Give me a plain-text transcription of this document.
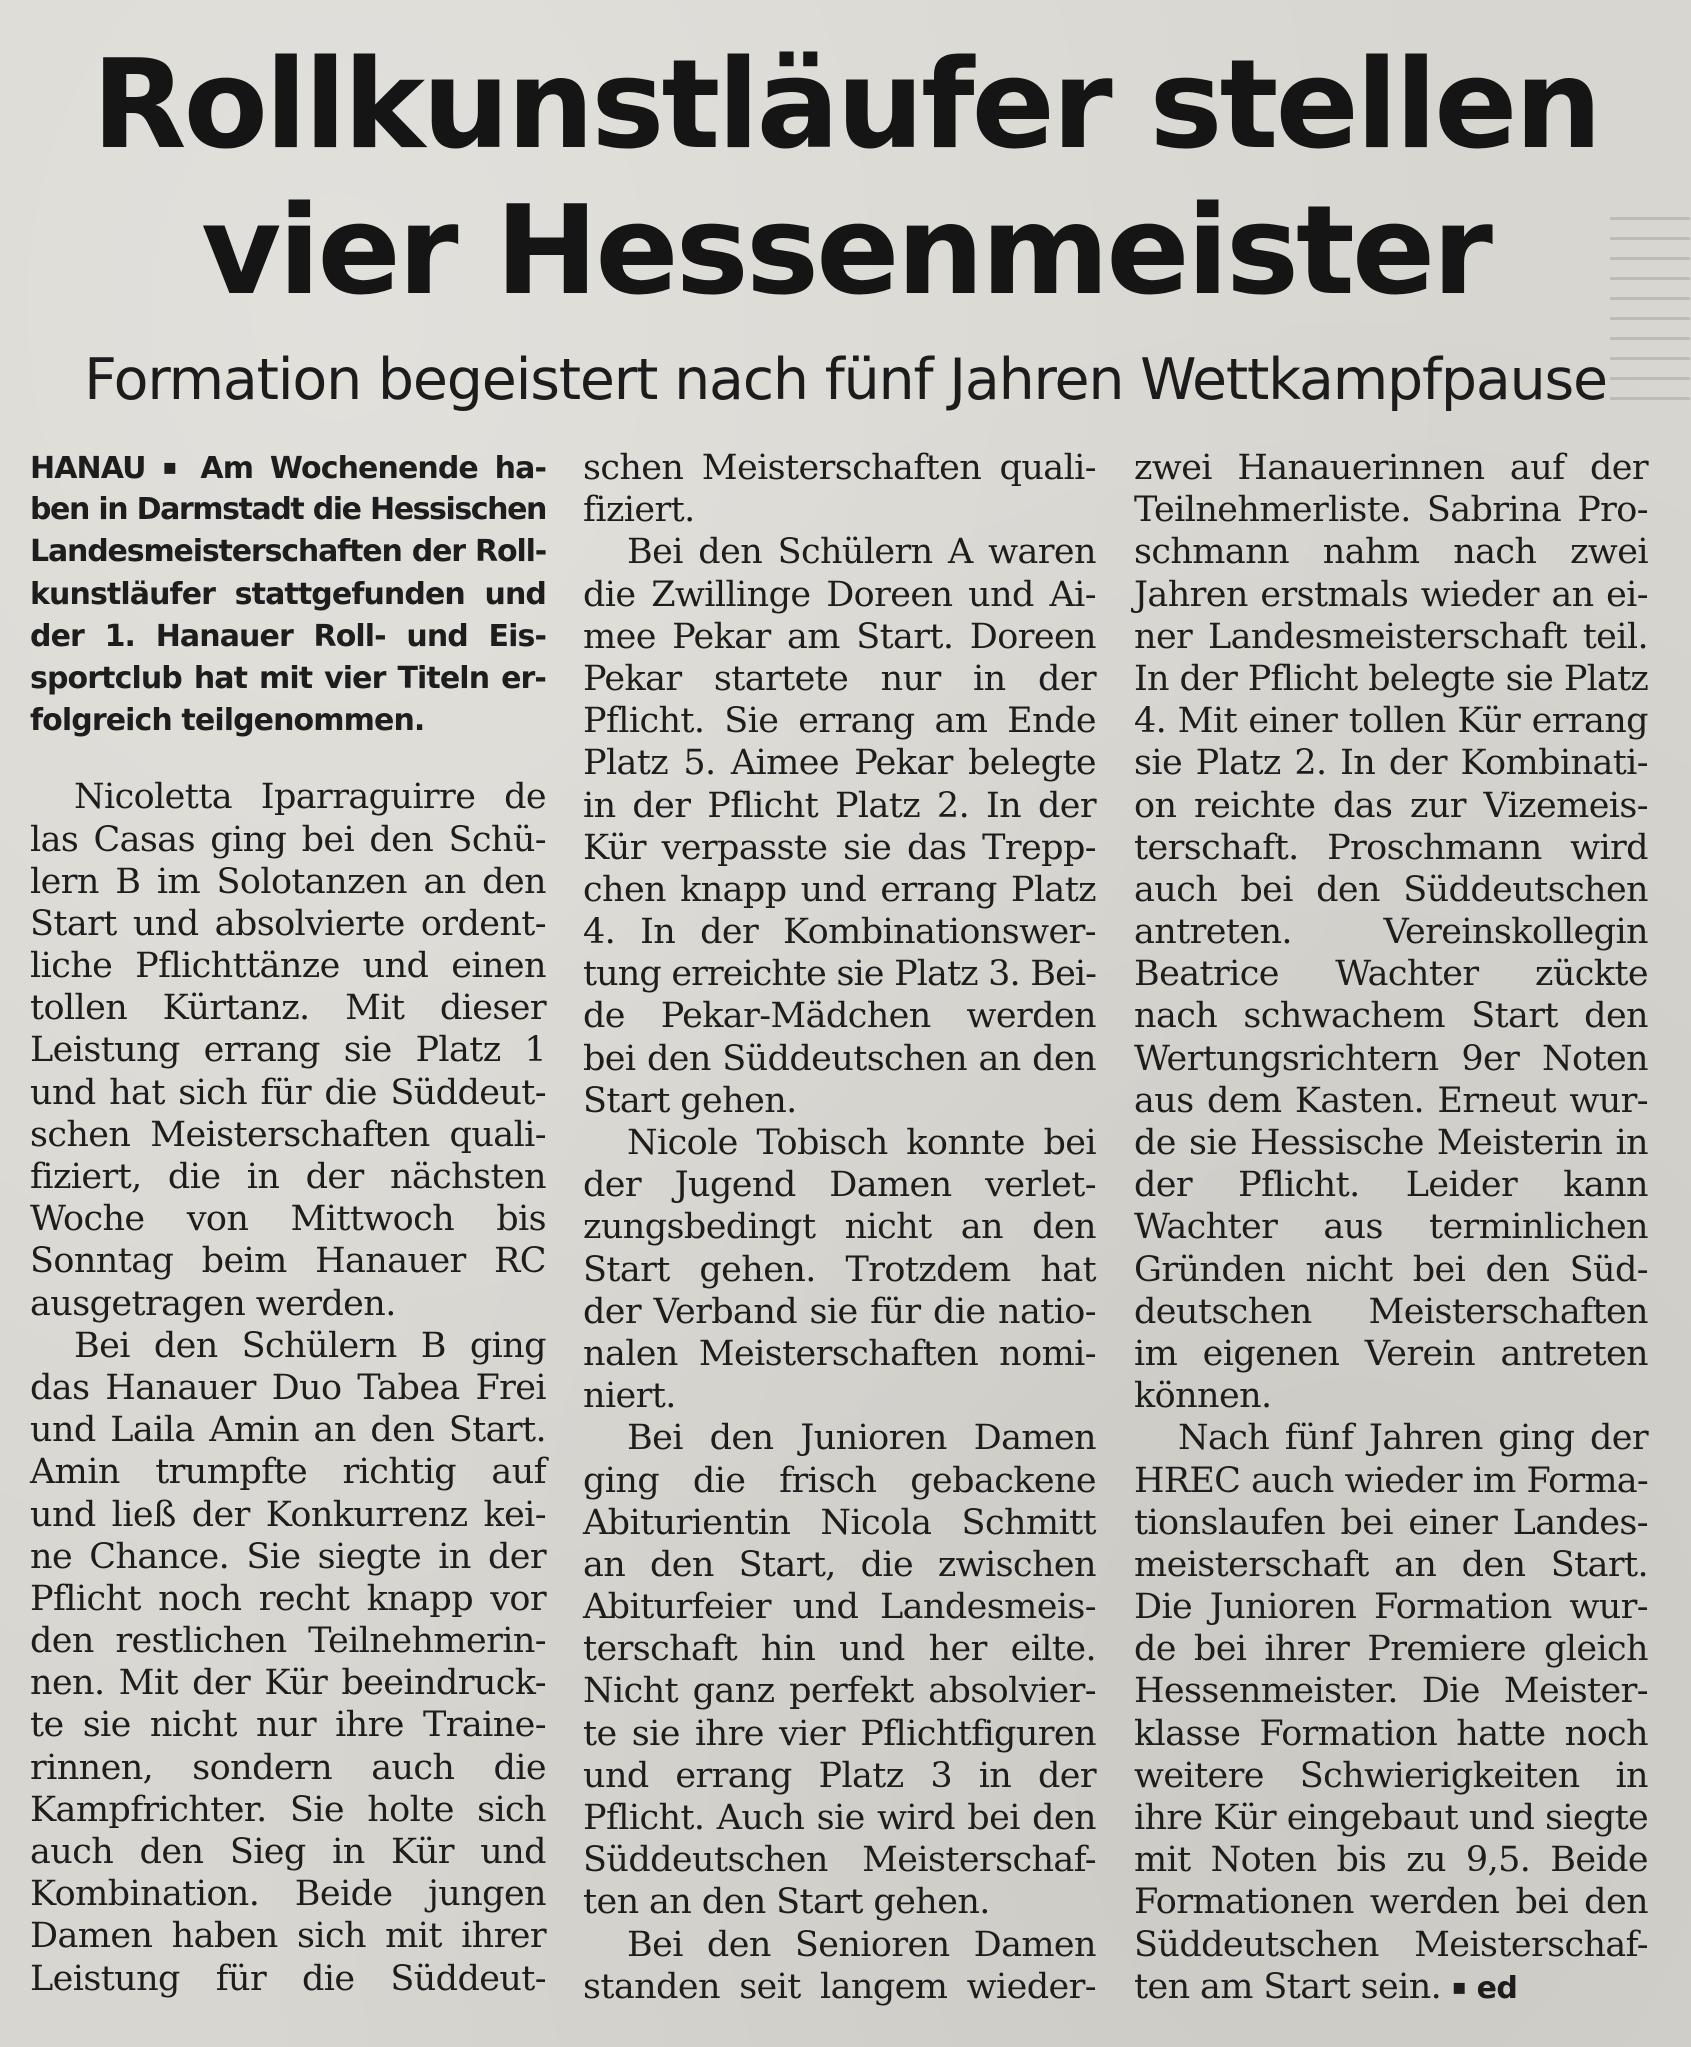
Rollkunstläufer stellen
vier Hessenmeister
Formation begeistert nach fünf Jahren Wettkampfpause
HANAU ▪ Am Wochenende ha-
ben in Darmstadt die Hessischen
Landesmeisterschaften der Roll-
kunstläufer stattgefunden und
der 1. Hanauer Roll- und Eis-
sportclub hat mit vier Titeln er-
folgreich teilgenommen.
Nicoletta Iparraguirre de
las Casas ging bei den Schü-
lern B im Solotanzen an den
Start und absolvierte ordent-
liche Pflichttänze und einen
tollen Kürtanz. Mit dieser
Leistung errang sie Platz 1
und hat sich für die Süddeut-
schen Meisterschaften quali-
fiziert, die in der nächsten
Woche von Mittwoch bis
Sonntag beim Hanauer RC
ausgetragen werden.
Bei den Schülern B ging
das Hanauer Duo Tabea Frei
und Laila Amin an den Start.
Amin trumpfte richtig auf
und ließ der Konkurrenz kei-
ne Chance. Sie siegte in der
Pflicht noch recht knapp vor
den restlichen Teilnehmerin-
nen. Mit der Kür beeindruck-
te sie nicht nur ihre Traine-
rinnen, sondern auch die
Kampfrichter. Sie holte sich
auch den Sieg in Kür und
Kombination. Beide jungen
Damen haben sich mit ihrer
Leistung für die Süddeut-
schen Meisterschaften quali-
fiziert.
Bei den Schülern A waren
die Zwillinge Doreen und Ai-
mee Pekar am Start. Doreen
Pekar startete nur in der
Pflicht. Sie errang am Ende
Platz 5. Aimee Pekar belegte
in der Pflicht Platz 2. In der
Kür verpasste sie das Trepp-
chen knapp und errang Platz
4. In der Kombinationswer-
tung erreichte sie Platz 3. Bei-
de Pekar-Mädchen werden
bei den Süddeutschen an den
Start gehen.
Nicole Tobisch konnte bei
der Jugend Damen verlet-
zungsbedingt nicht an den
Start gehen. Trotzdem hat
der Verband sie für die natio-
nalen Meisterschaften nomi-
niert.
Bei den Junioren Damen
ging die frisch gebackene
Abiturientin Nicola Schmitt
an den Start, die zwischen
Abiturfeier und Landesmeis-
terschaft hin und her eilte.
Nicht ganz perfekt absolvier-
te sie ihre vier Pflichtfiguren
und errang Platz 3 in der
Pflicht. Auch sie wird bei den
Süddeutschen Meisterschaf-
ten an den Start gehen.
Bei den Senioren Damen
standen seit langem wieder-
zwei Hanauerinnen auf der
Teilnehmerliste. Sabrina Pro-
schmann nahm nach zwei
Jahren erstmals wieder an ei-
ner Landesmeisterschaft teil.
In der Pflicht belegte sie Platz
4. Mit einer tollen Kür errang
sie Platz 2. In der Kombinati-
on reichte das zur Vizemeis-
terschaft. Proschmann wird
auch bei den Süddeutschen
antreten. Vereinskollegin
Beatrice Wachter zückte
nach schwachem Start den
Wertungsrichtern 9er Noten
aus dem Kasten. Erneut wur-
de sie Hessische Meisterin in
der Pflicht. Leider kann
Wachter aus terminlichen
Gründen nicht bei den Süd-
deutschen Meisterschaften
im eigenen Verein antreten
können.
Nach fünf Jahren ging der
HREC auch wieder im Forma-
tionslaufen bei einer Landes-
meisterschaft an den Start.
Die Junioren Formation wur-
de bei ihrer Premiere gleich
Hessenmeister. Die Meister-
klasse Formation hatte noch
weitere Schwierigkeiten in
ihre Kür eingebaut und siegte
mit Noten bis zu 9,5. Beide
Formationen werden bei den
Süddeutschen Meisterschaf-
ten am Start sein. ▪ ed
